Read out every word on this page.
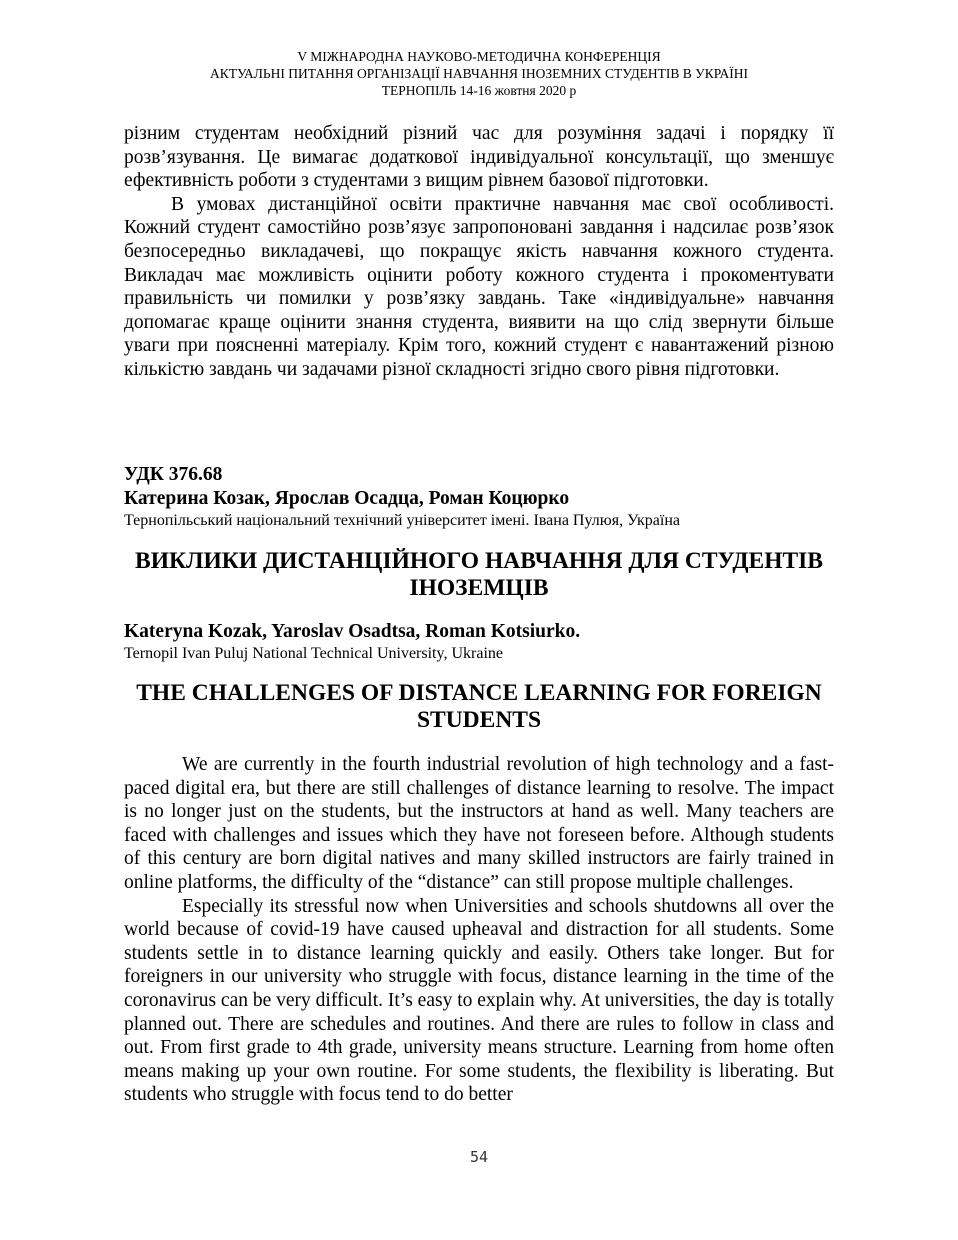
V МІЖНАРОДНА НАУКОВО-МЕТОДИЧНА КОНФЕРЕНЦІЯ
АКТУАЛЬНІ ПИТАННЯ ОРГАНІЗАЦІЇ НАВЧАННЯ ІНОЗЕМНИХ СТУДЕНТІВ В УКРАЇНІ
ТЕРНОПІЛЬ 14-16 жовтня 2020 р

різним студентам необхідний різний час для розуміння задачі і порядку її розв’язування. Це вимагає додаткової індивідуальної консультації, що зменшує ефективність роботи з студентами з вищим рівнем базової підготовки.

В умовах дистанційної освіти практичне навчання має свої особливості. Кожний студент самостійно розв’язує запропоновані завдання і надсилає розв’язок безпосередньо викладачеві, що покращує якість навчання кожного студента. Викладач має можливість оцінити роботу кожного студента і прокоментувати правильність чи помилки у розв’язку завдань. Таке «індивідуальне» навчання допомагає краще оцінити знання студента, виявити на що слід звернути більше уваги при поясненні матеріалу. Крім того, кожний студент є навантажений різною кількістю завдань чи задачами різної складності згідно свого рівня підготовки.

УДК 376.68
Катерина Козак, Ярослав Осадца, Роман Коцюрко
Тернопільський національний технічний університет імені. Івана Пулюя, Україна
ВИКЛИКИ ДИСТАНЦІЙНОГО НАВЧАННЯ ДЛЯ СТУДЕНТІВ ІНОЗЕМЦІВ
Kateryna Kozak, Yaroslav Osadtsa, Roman Kotsiurko.
Ternopil Ivan Puluj National Technical University, Ukraine
THE CHALLENGES OF DISTANCE LEARNING FOR FOREIGN STUDENTS

We are currently in the fourth industrial revolution of high technology and a fast-paced digital era, but there are still challenges of distance learning to resolve. The impact is no longer just on the students, but the instructors at hand as well. Many teachers are faced with challenges and issues which they have not foreseen before. Although students of this century are born digital natives and many skilled instructors are fairly trained in online platforms, the difficulty of the “distance” can still propose multiple challenges.

Especially its stressful now when Universities and schools shutdowns all over the world because of covid-19 have caused upheaval and distraction for all students. Some students settle in to distance learning quickly and easily. Others take longer. But for foreigners in our university who struggle with focus, distance learning in the time of the coronavirus can be very difficult. It’s easy to explain why. At universities, the day is totally planned out. There are schedules and routines. And there are rules to follow in class and out. From first grade to 4th grade, university means structure. Learning from home often means making up your own routine. For some students, the flexibility is liberating. But students who struggle with focus tend to do better

54
